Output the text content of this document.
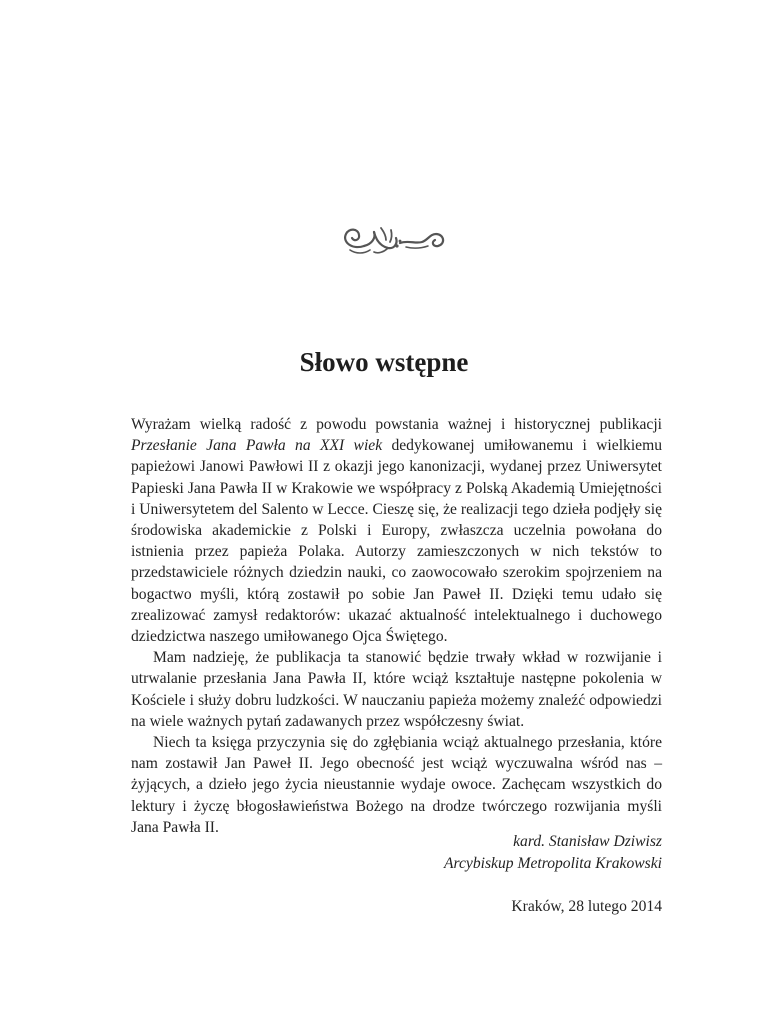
Słowo wstępne

Wyrażam wielką radość z powodu powstania ważnej i historycznej publikacji Przesłanie Jana Pawła na XXI wiek dedykowanej umiłowanemu i wielkiemu papieżowi Janowi Pawłowi II z okazji jego kanonizacji, wydanej przez Uniwersytet Papieski Jana Pawła II w Krakowie we współpracy z Polską Akademią Umiejętności i Uniwersytetem del Salento w Lecce. Cieszę się, że realizacji tego dzieła podjęły się środowiska akademickie z Polski i Europy, zwłaszcza uczelnia powołana do istnienia przez papieża Polaka. Autorzy zamieszczonych w nich tekstów to przedstawiciele różnych dziedzin nauki, co zaowocowało szerokim spojrzeniem na bogactwo myśli, którą zostawił po sobie Jan Paweł II. Dzięki temu udało się zrealizować zamysł redaktorów: ukazać aktualność intelektualnego i duchowego dziedzictwa naszego umiłowanego Ojca Świętego.

Mam nadzieję, że publikacja ta stanowić będzie trwały wkład w rozwijanie i utrwalanie przesłania Jana Pawła II, które wciąż kształtuje następne pokolenia w Kościele i służy dobru ludzkości. W nauczaniu papieża możemy znaleźć odpowiedzi na wiele ważnych pytań zadawanych przez współczesny świat.

Niech ta księga przyczynia się do zgłębiania wciąż aktualnego przesłania, które nam zostawił Jan Paweł II. Jego obecność jest wciąż wyczuwalna wśród nas – żyjących, a dzieło jego życia nieustannie wydaje owoce. Zachęcam wszystkich do lektury i życzę błogosławieństwa Bożego na drodze twórczego rozwijania myśli Jana Pawła II.

kard. Stanisław Dziwisz
Arcybiskup Metropolita Krakowski
Kraków, 28 lutego 2014
